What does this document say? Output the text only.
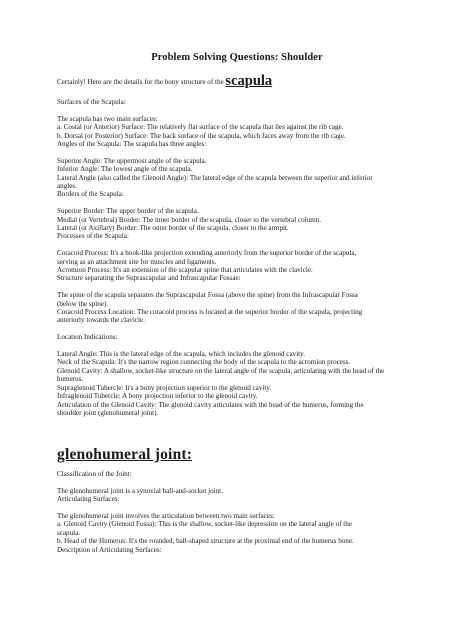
Problem Solving Questions: Shoulder
Certainly! Here are the details for the bony structure of the scapula
Surfaces of the Scapula:
The scapula has two main surfaces:
a. Costal (or Anterior) Surface: The relatively flat surface of the scapula that lies against the rib cage.
b. Dorsal (or Posterior) Surface: The back surface of the scapula, which faces away from the rib cage.
Angles of the Scapula: The scapula has three angles:
Superior Angle: The uppermost angle of the scapula.
Inferior Angle: The lowest angle of the scapula.
Lateral Angle (also called the Glenoid Angle): The lateral edge of the scapula between the superior and inferior
angles.
Borders of the Scapula:
Superior Border: The upper border of the scapula.
Medial (or Vertebral) Border: The inner border of the scapula, closer to the vertebral column.
Lateral (or Axillary) Border: The outer border of the scapula, closer to the armpit.
Processes of the Scapula:
Coracoid Process: It's a hook-like projection extending anteriorly from the superior border of the scapula,
serving as an attachment site for muscles and ligaments.
Acromion Process: It's an extension of the scapular spine that articulates with the clavicle.
Structure separating the Suprascapular and Infrascapular Fossae:
The spine of the scapula separates the Suprascapular Fossa (above the spine) from the Infrascapular Fossa
(below the spine).
Coracoid Process Location: The coracoid process is located at the superior border of the scapula, projecting
anteriorly towards the clavicle.
Location Indications:
Lateral Angle: This is the lateral edge of the scapula, which includes the glenoid cavity.
Neck of the Scapula: It's the narrow region connecting the body of the scapula to the acromion process.
Glenoid Cavity: A shallow, socket-like structure on the lateral angle of the scapula, articulating with the head of the
humerus.
Supraglenoid Tubercle: It's a bony projection superior to the glenoid cavity.
Infraglenoid Tubercle: A bony projection inferior to the glenoid cavity.
Articulation of the Glenoid Cavity: The glenoid cavity articulates with the head of the humerus, forming the
shoulder joint (glenohumeral joint).
glenohumeral joint:
Classification of the Joint:
The glenohumeral joint is a synovial ball-and-socket joint.
Articulating Surfaces:
The glenohumeral joint involves the articulation between two main surfaces:
a. Glenoid Cavity (Glenoid Fossa): This is the shallow, socket-like depression on the lateral angle of the
scapula.
b. Head of the Humerus: It's the rounded, ball-shaped structure at the proximal end of the humerus bone.
Description of Articulating Surfaces:
